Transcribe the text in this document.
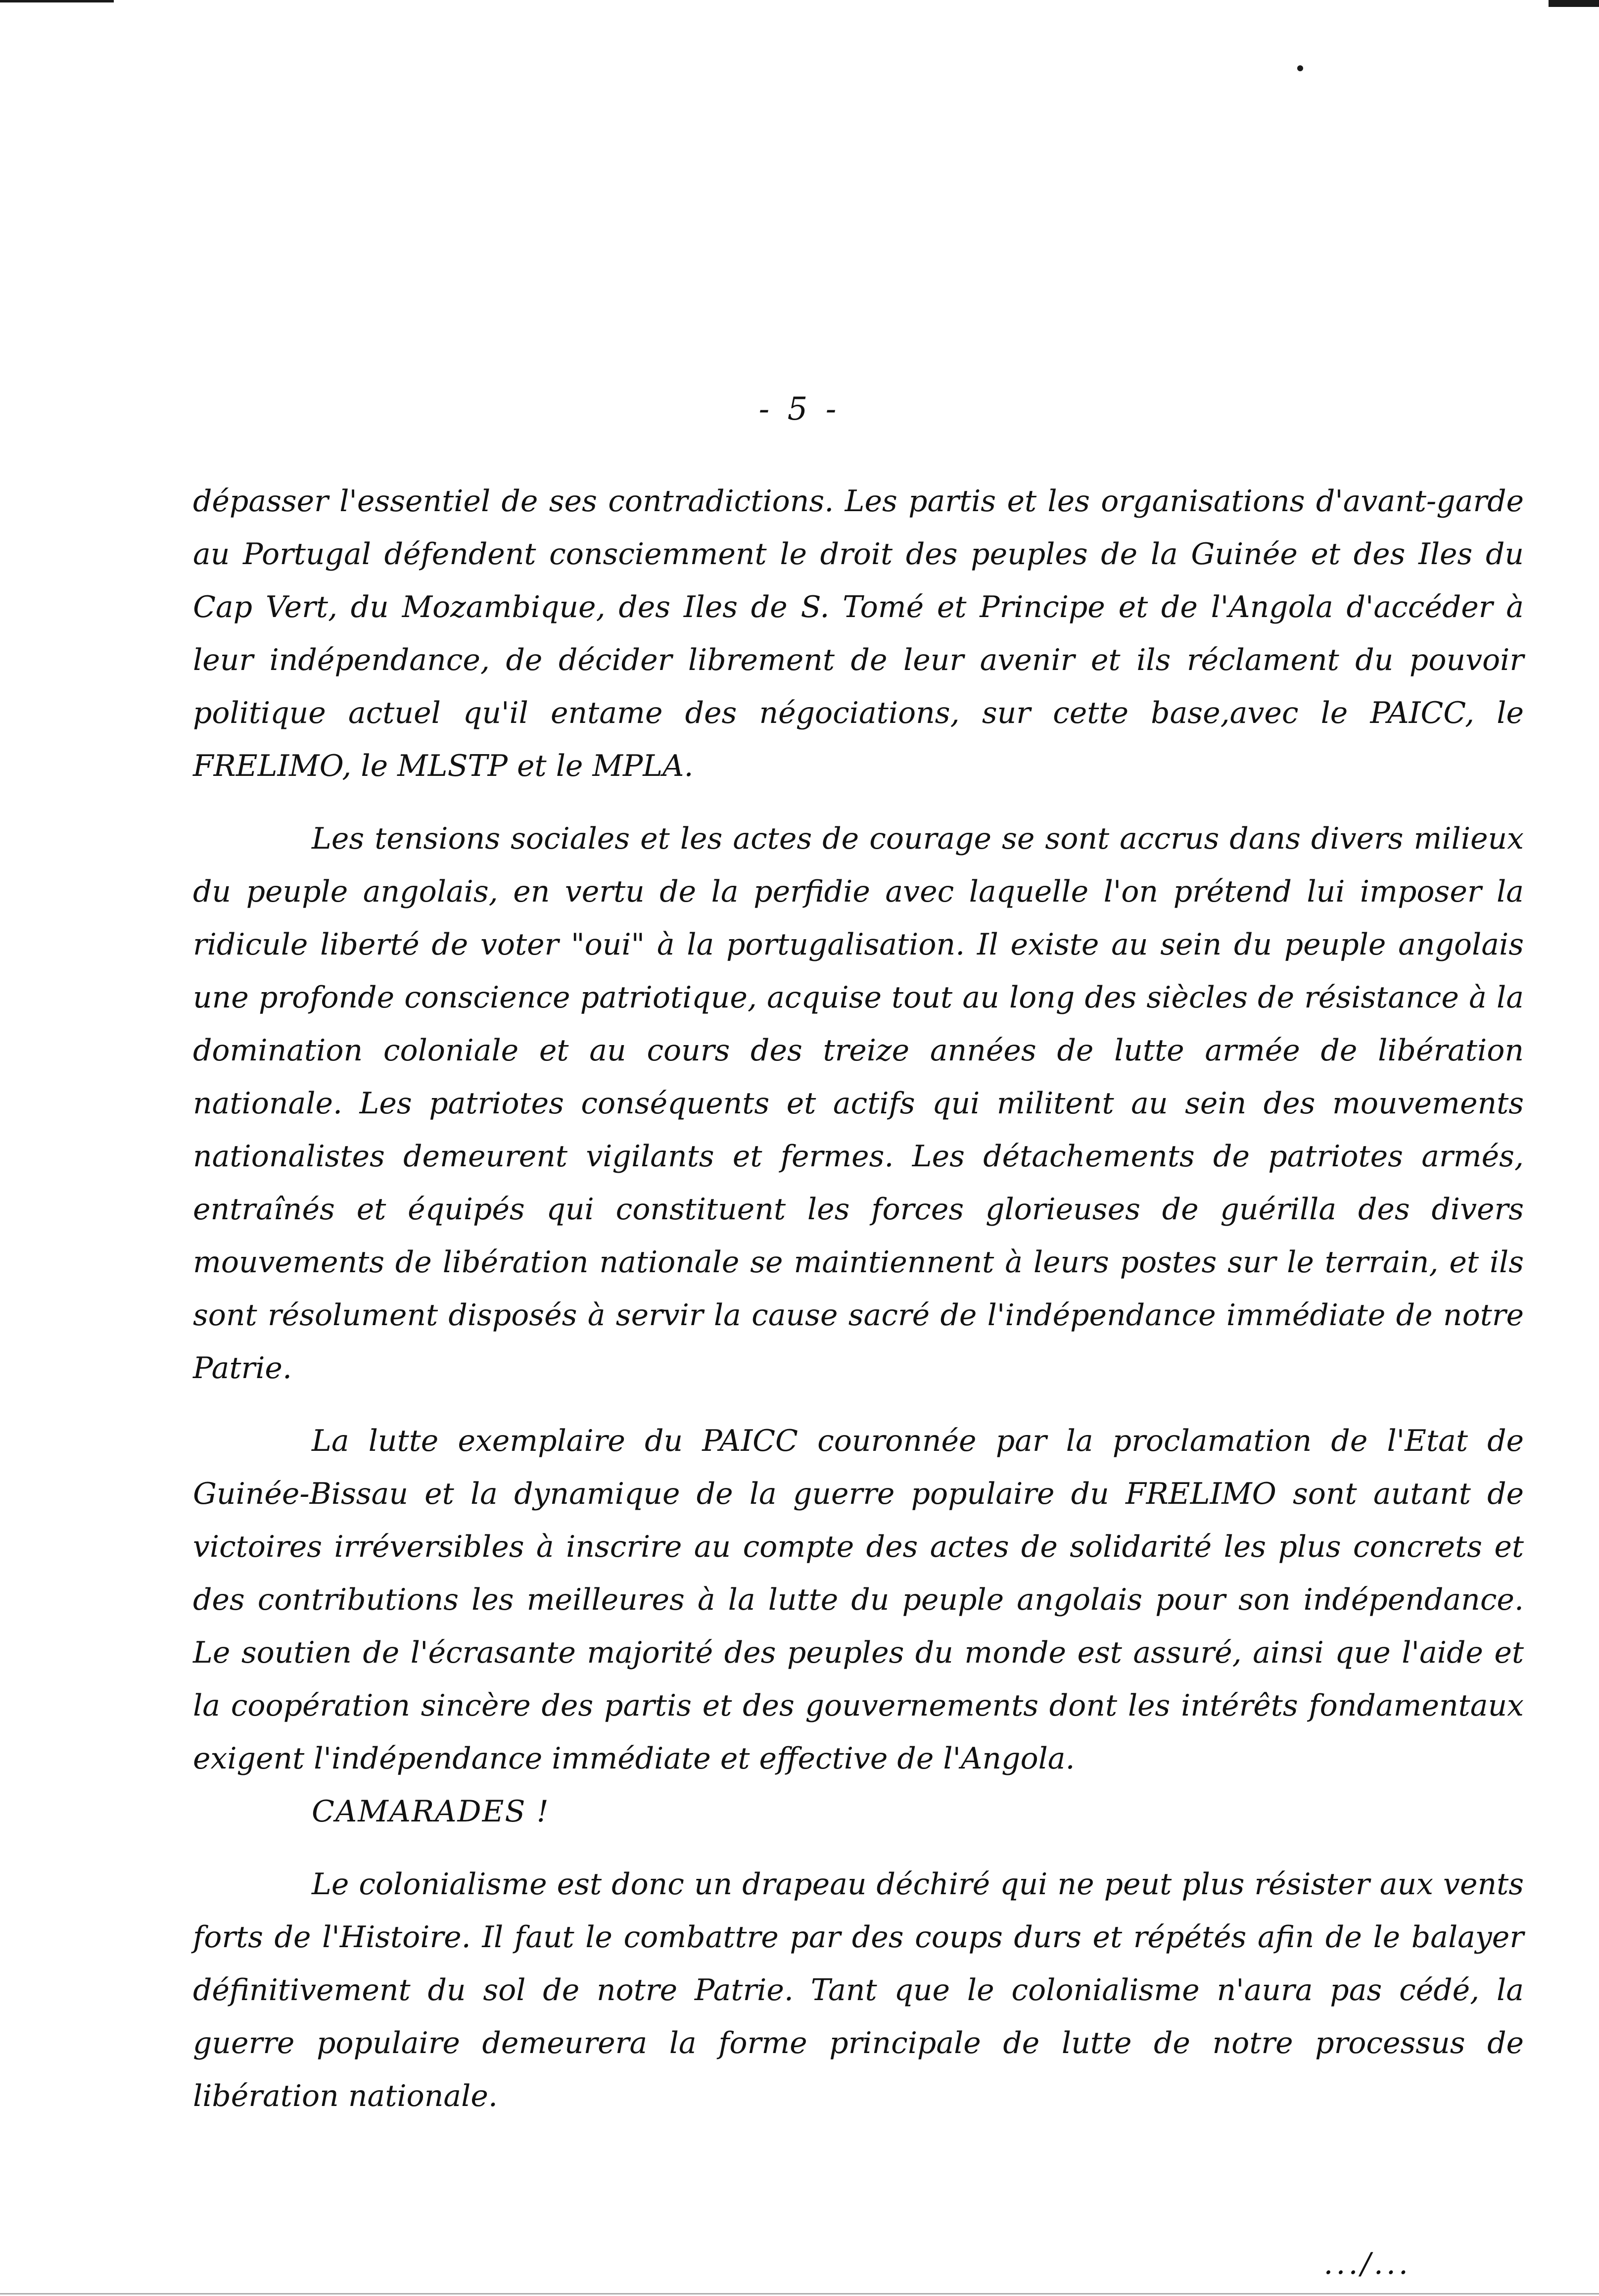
- 5 -

dépasser l'essentiel de ses contradictions. Les partis et les organisations d'avant-garde au Portugal défendent consciemment le droit des peuples de la Guinée et des Iles du Cap Vert, du Mozambique, des Iles de S. Tomé et Principe et de l'Angola d'accéder à leur indépendance, de décider librement de leur avenir et ils réclament du pouvoir politique actuel qu'il entame des négociations, sur cette base,avec le PAICC, le FRELIMO, le MLSTP et le MPLA.

Les tensions sociales et les actes de courage se sont accrus dans divers milieux du peuple angolais, en vertu de la perfidie avec laquelle l'on prétend lui imposer la ridicule liberté de voter "oui" à la portugalisation. Il existe au sein du peuple angolais une profonde conscience patriotique, acquise tout au long des siècles de résistance à la domination coloniale et au cours des treize années de lutte armée de libération nationale. Les patriotes conséquents et actifs qui militent au sein des mouvements nationalistes demeurent vigilants et fermes. Les détachements de patriotes armés, entraînés et équipés qui constituent les forces glorieuses de guérilla des divers mouvements de libération nationale se maintiennent à leurs postes sur le terrain, et ils sont résolument disposés à servir la cause sacré de l'indépendance immédiate de notre Patrie.

La lutte exemplaire du PAICC couronnée par la proclamation de l'Etat de Guinée-Bissau et la dynamique de la guerre populaire du FRELIMO sont autant de victoires irréversibles à inscrire au compte des actes de solidarité les plus concrets et des contributions les meilleures à la lutte du peuple angolais pour son indépendance. Le soutien de l'écrasante majorité des peuples du monde est assuré, ainsi que l'aide et la coopération sincère des partis et des gouvernements dont les intérêts fondamentaux exigent l'indépendance immédiate et effective de l'Angola.

CAMARADES !

Le colonialisme est donc un drapeau déchiré qui ne peut plus résister aux vents forts de l'Histoire. Il faut le combattre par des coups durs et répétés afin de le balayer définitivement du sol de notre Patrie. Tant que le colonialisme n'aura pas cédé, la guerre populaire demeurera la forme principale de lutte de notre processus de libération nationale.

.../...
